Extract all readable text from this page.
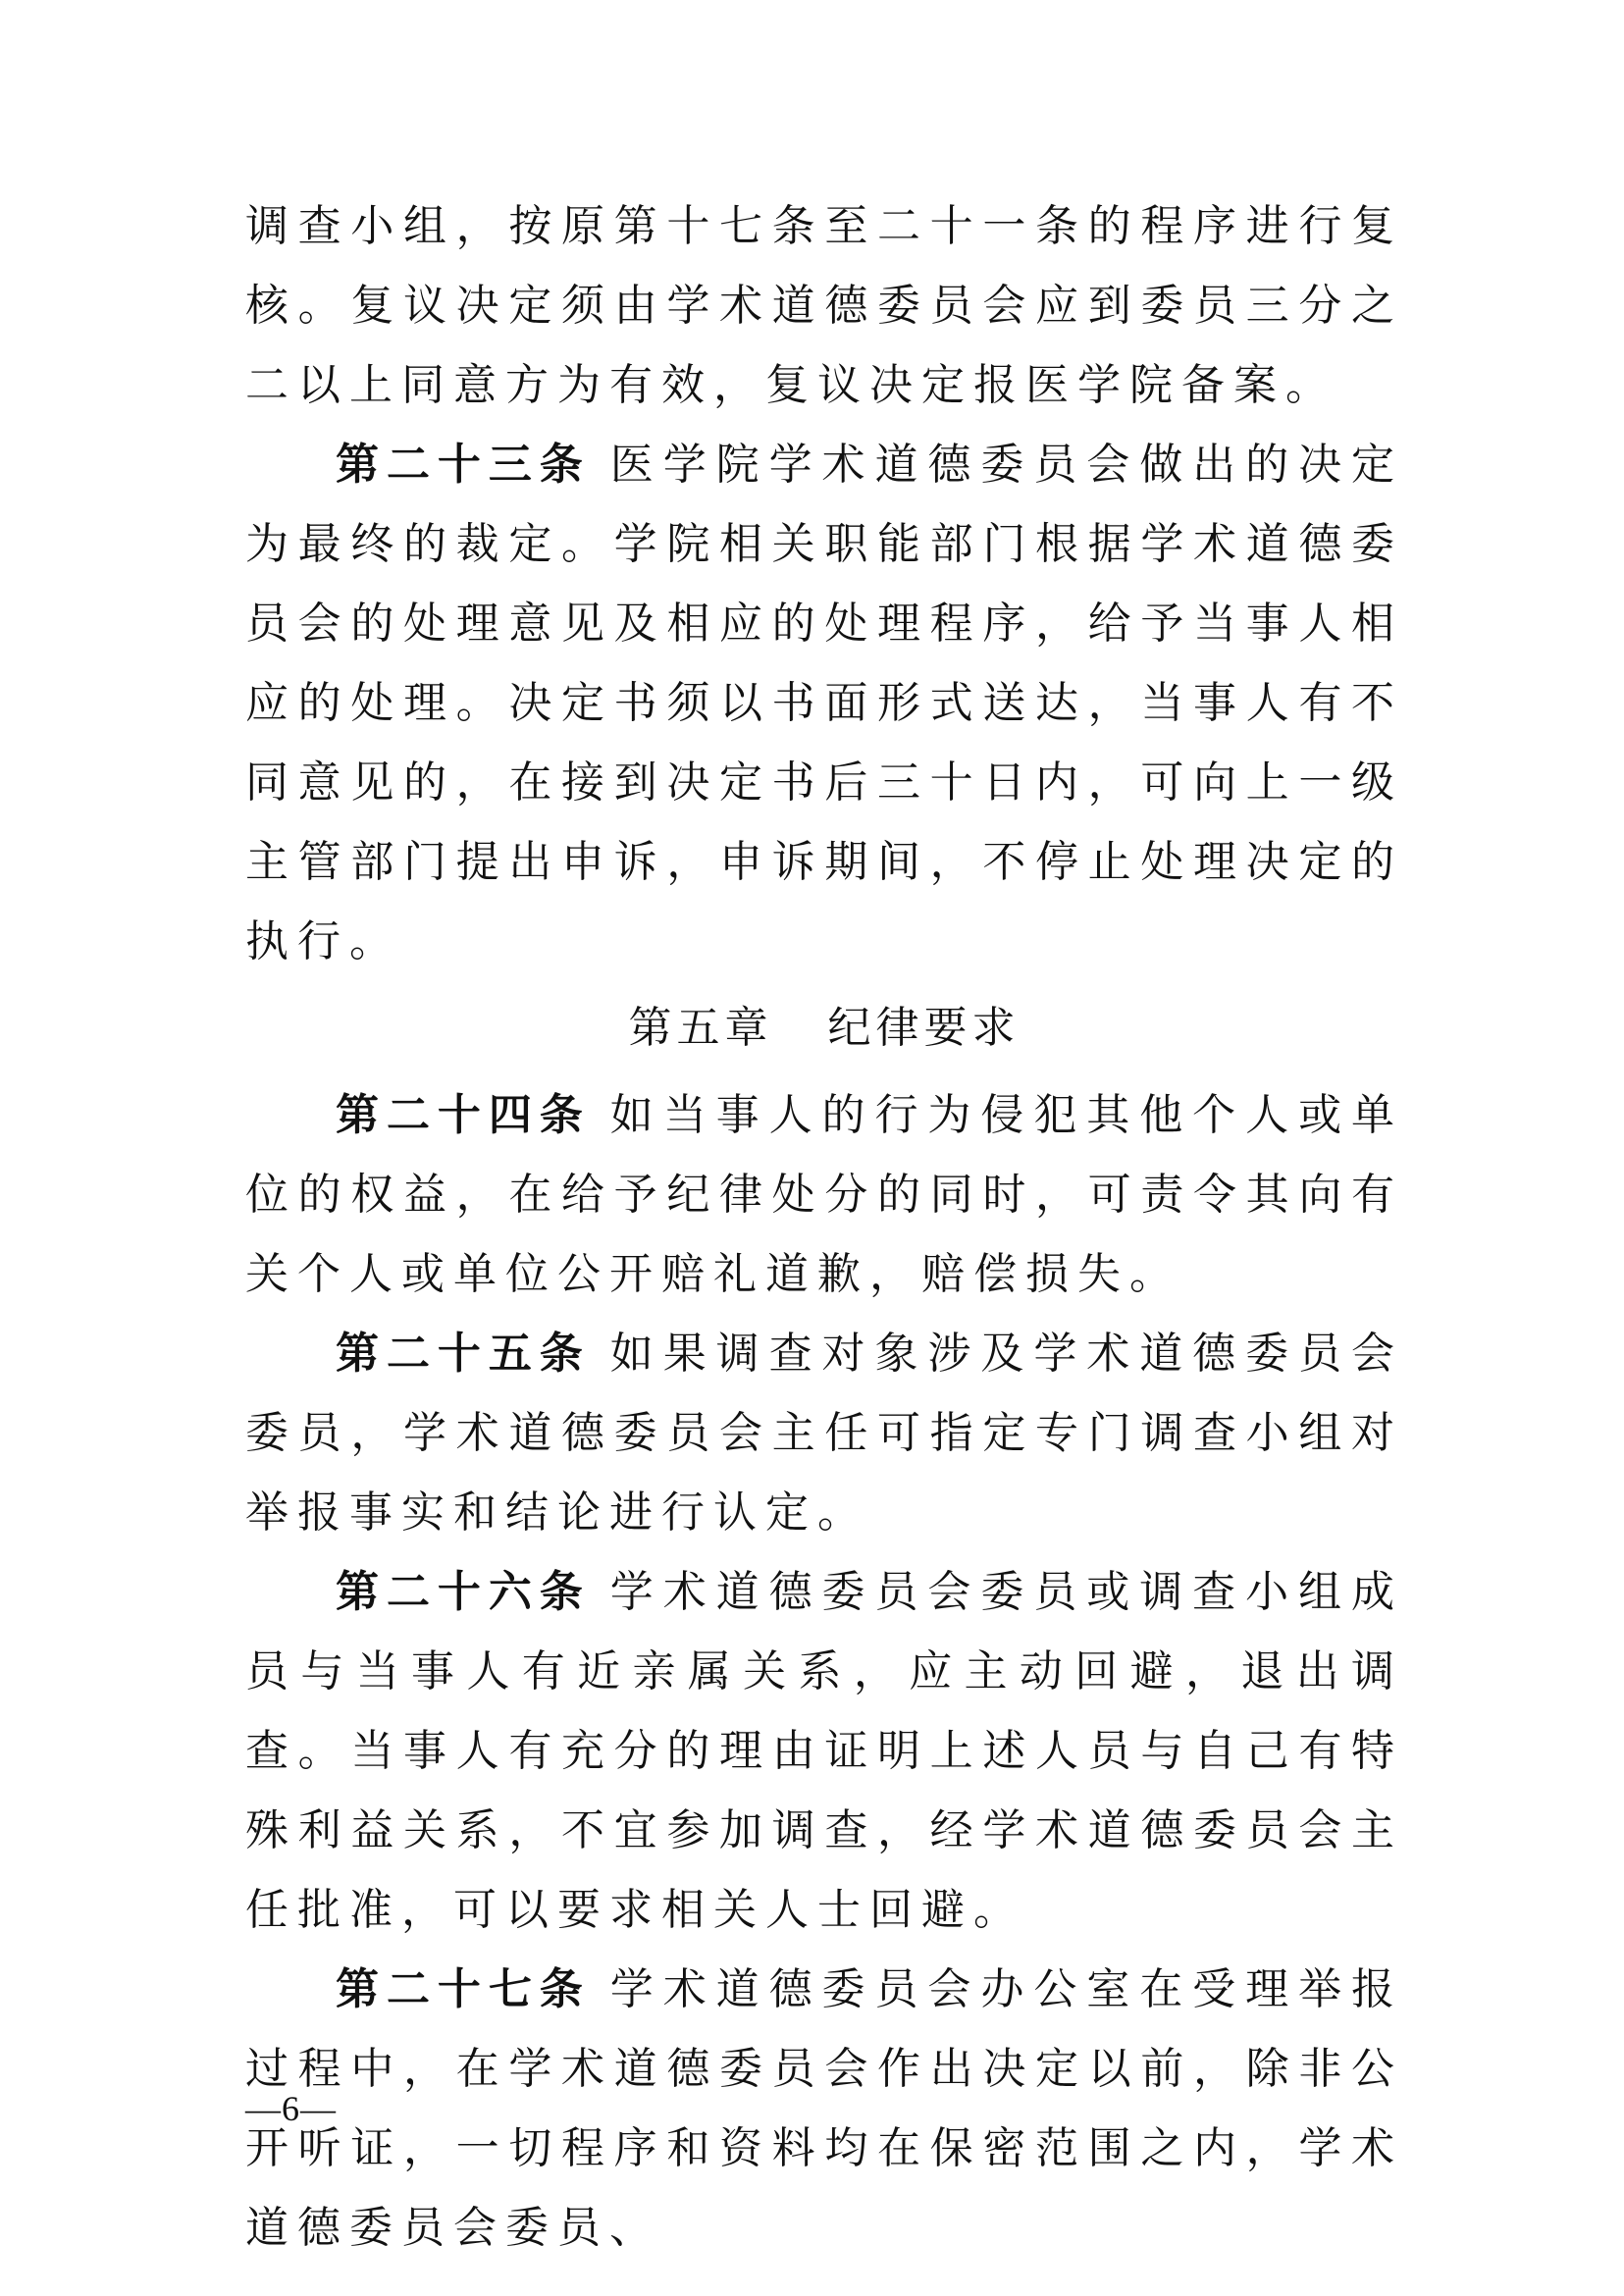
调查小组，按原第十七条至二十一条的程序进行复核。复议决定须由学术道德委员会应到委员三分之二以上同意方为有效，复议决定报医学院备案。

第二十三条 医学院学术道德委员会做出的决定为最终的裁定。学院相关职能部门根据学术道德委员会的处理意见及相应的处理程序，给予当事人相应的处理。决定书须以书面形式送达，当事人有不同意见的，在接到决定书后三十日内，可向上一级主管部门提出申诉，申诉期间，不停止处理决定的执行。

第五章 纪律要求

第二十四条 如当事人的行为侵犯其他个人或单位的权益，在给予纪律处分的同时，可责令其向有关个人或单位公开赔礼道歉，赔偿损失。

第二十五条 如果调查对象涉及学术道德委员会委员，学术道德委员会主任可指定专门调查小组对举报事实和结论进行认定。

第二十六条 学术道德委员会委员或调查小组成员与当事人有近亲属关系，应主动回避，退出调查。当事人有充分的理由证明上述人员与自己有特殊利益关系，不宜参加调查，经学术道德委员会主任批准，可以要求相关人士回避。

第二十七条 学术道德委员会办公室在受理举报过程中，在学术道德委员会作出决定以前，除非公开听证，一切程序和资料均在保密范围之内，学术道德委员会委员、

—6—
